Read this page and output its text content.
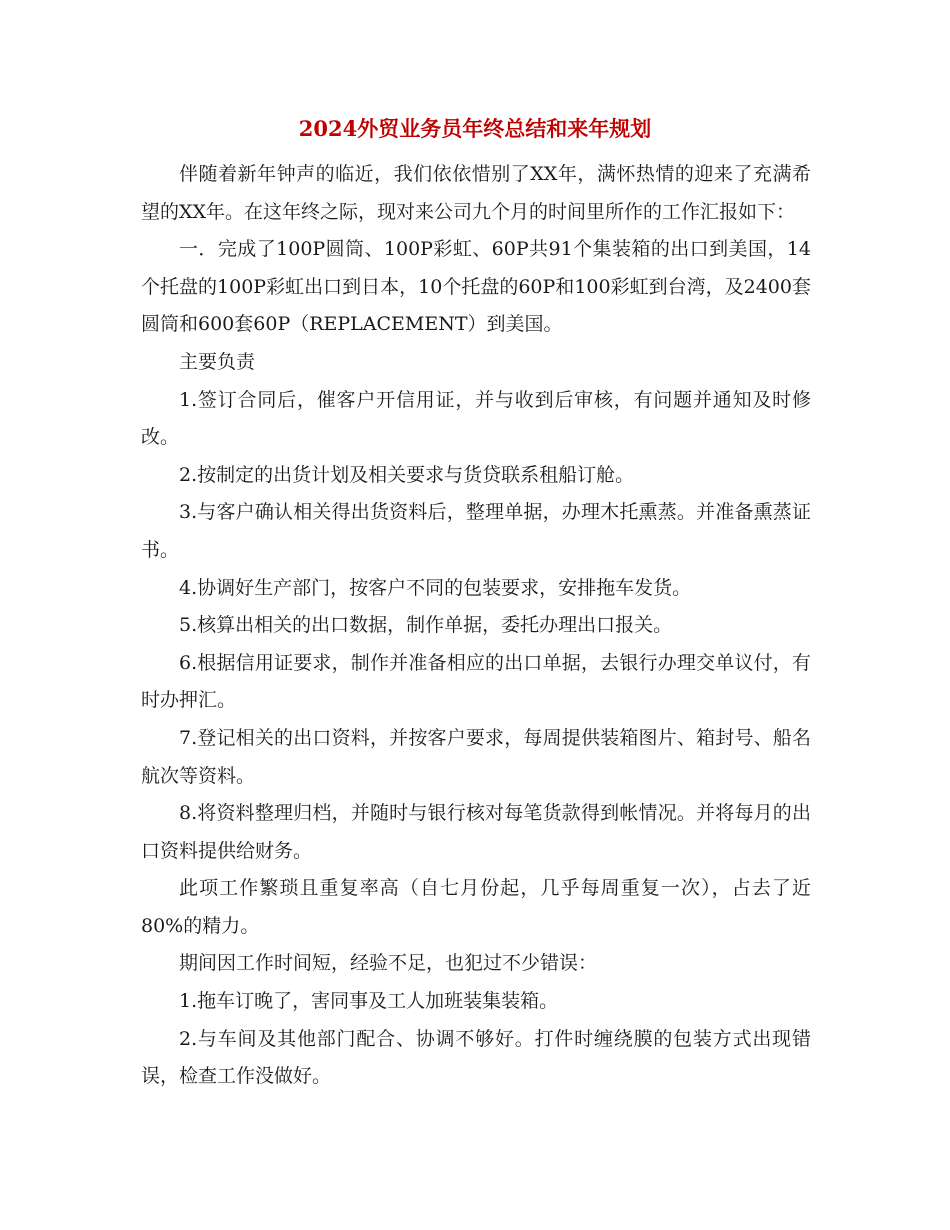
2024外贸业务员年终总结和来年规划

伴随着新年钟声的临近，我们依依惜别了XX年，满怀热情的迎来了充满希望的XX年。在这年终之际，现对来公司九个月的时间里所作的工作汇报如下：

一．完成了100P圆筒、100P彩虹、60P共91个集装箱的出口到美国，14个托盘的100P彩虹出口到日本，10个托盘的60P和100彩虹到台湾，及2400套圆筒和600套60P（REPLACEMENT）到美国。

主要负责

1.签订合同后，催客户开信用证，并与收到后审核，有问题并通知及时修改。

2.按制定的出货计划及相关要求与货贷联系租船订舱。

3.与客户确认相关得出货资料后，整理单据，办理木托熏蒸。并准备熏蒸证书。

4.协调好生产部门，按客户不同的包装要求，安排拖车发货。

5.核算出相关的出口数据，制作单据，委托办理出口报关。

6.根据信用证要求，制作并准备相应的出口单据，去银行办理交单议付，有时办押汇。

7.登记相关的出口资料，并按客户要求，每周提供装箱图片、箱封号、船名航次等资料。

8.将资料整理归档，并随时与银行核对每笔货款得到帐情况。并将每月的出口资料提供给财务。

此项工作繁琐且重复率高（自七月份起，几乎每周重复一次），占去了近80%的精力。

期间因工作时间短，经验不足，也犯过不少错误：

1.拖车订晚了，害同事及工人加班装集装箱。

2.与车间及其他部门配合、协调不够好。打件时缠绕膜的包装方式出现错误，检查工作没做好。
